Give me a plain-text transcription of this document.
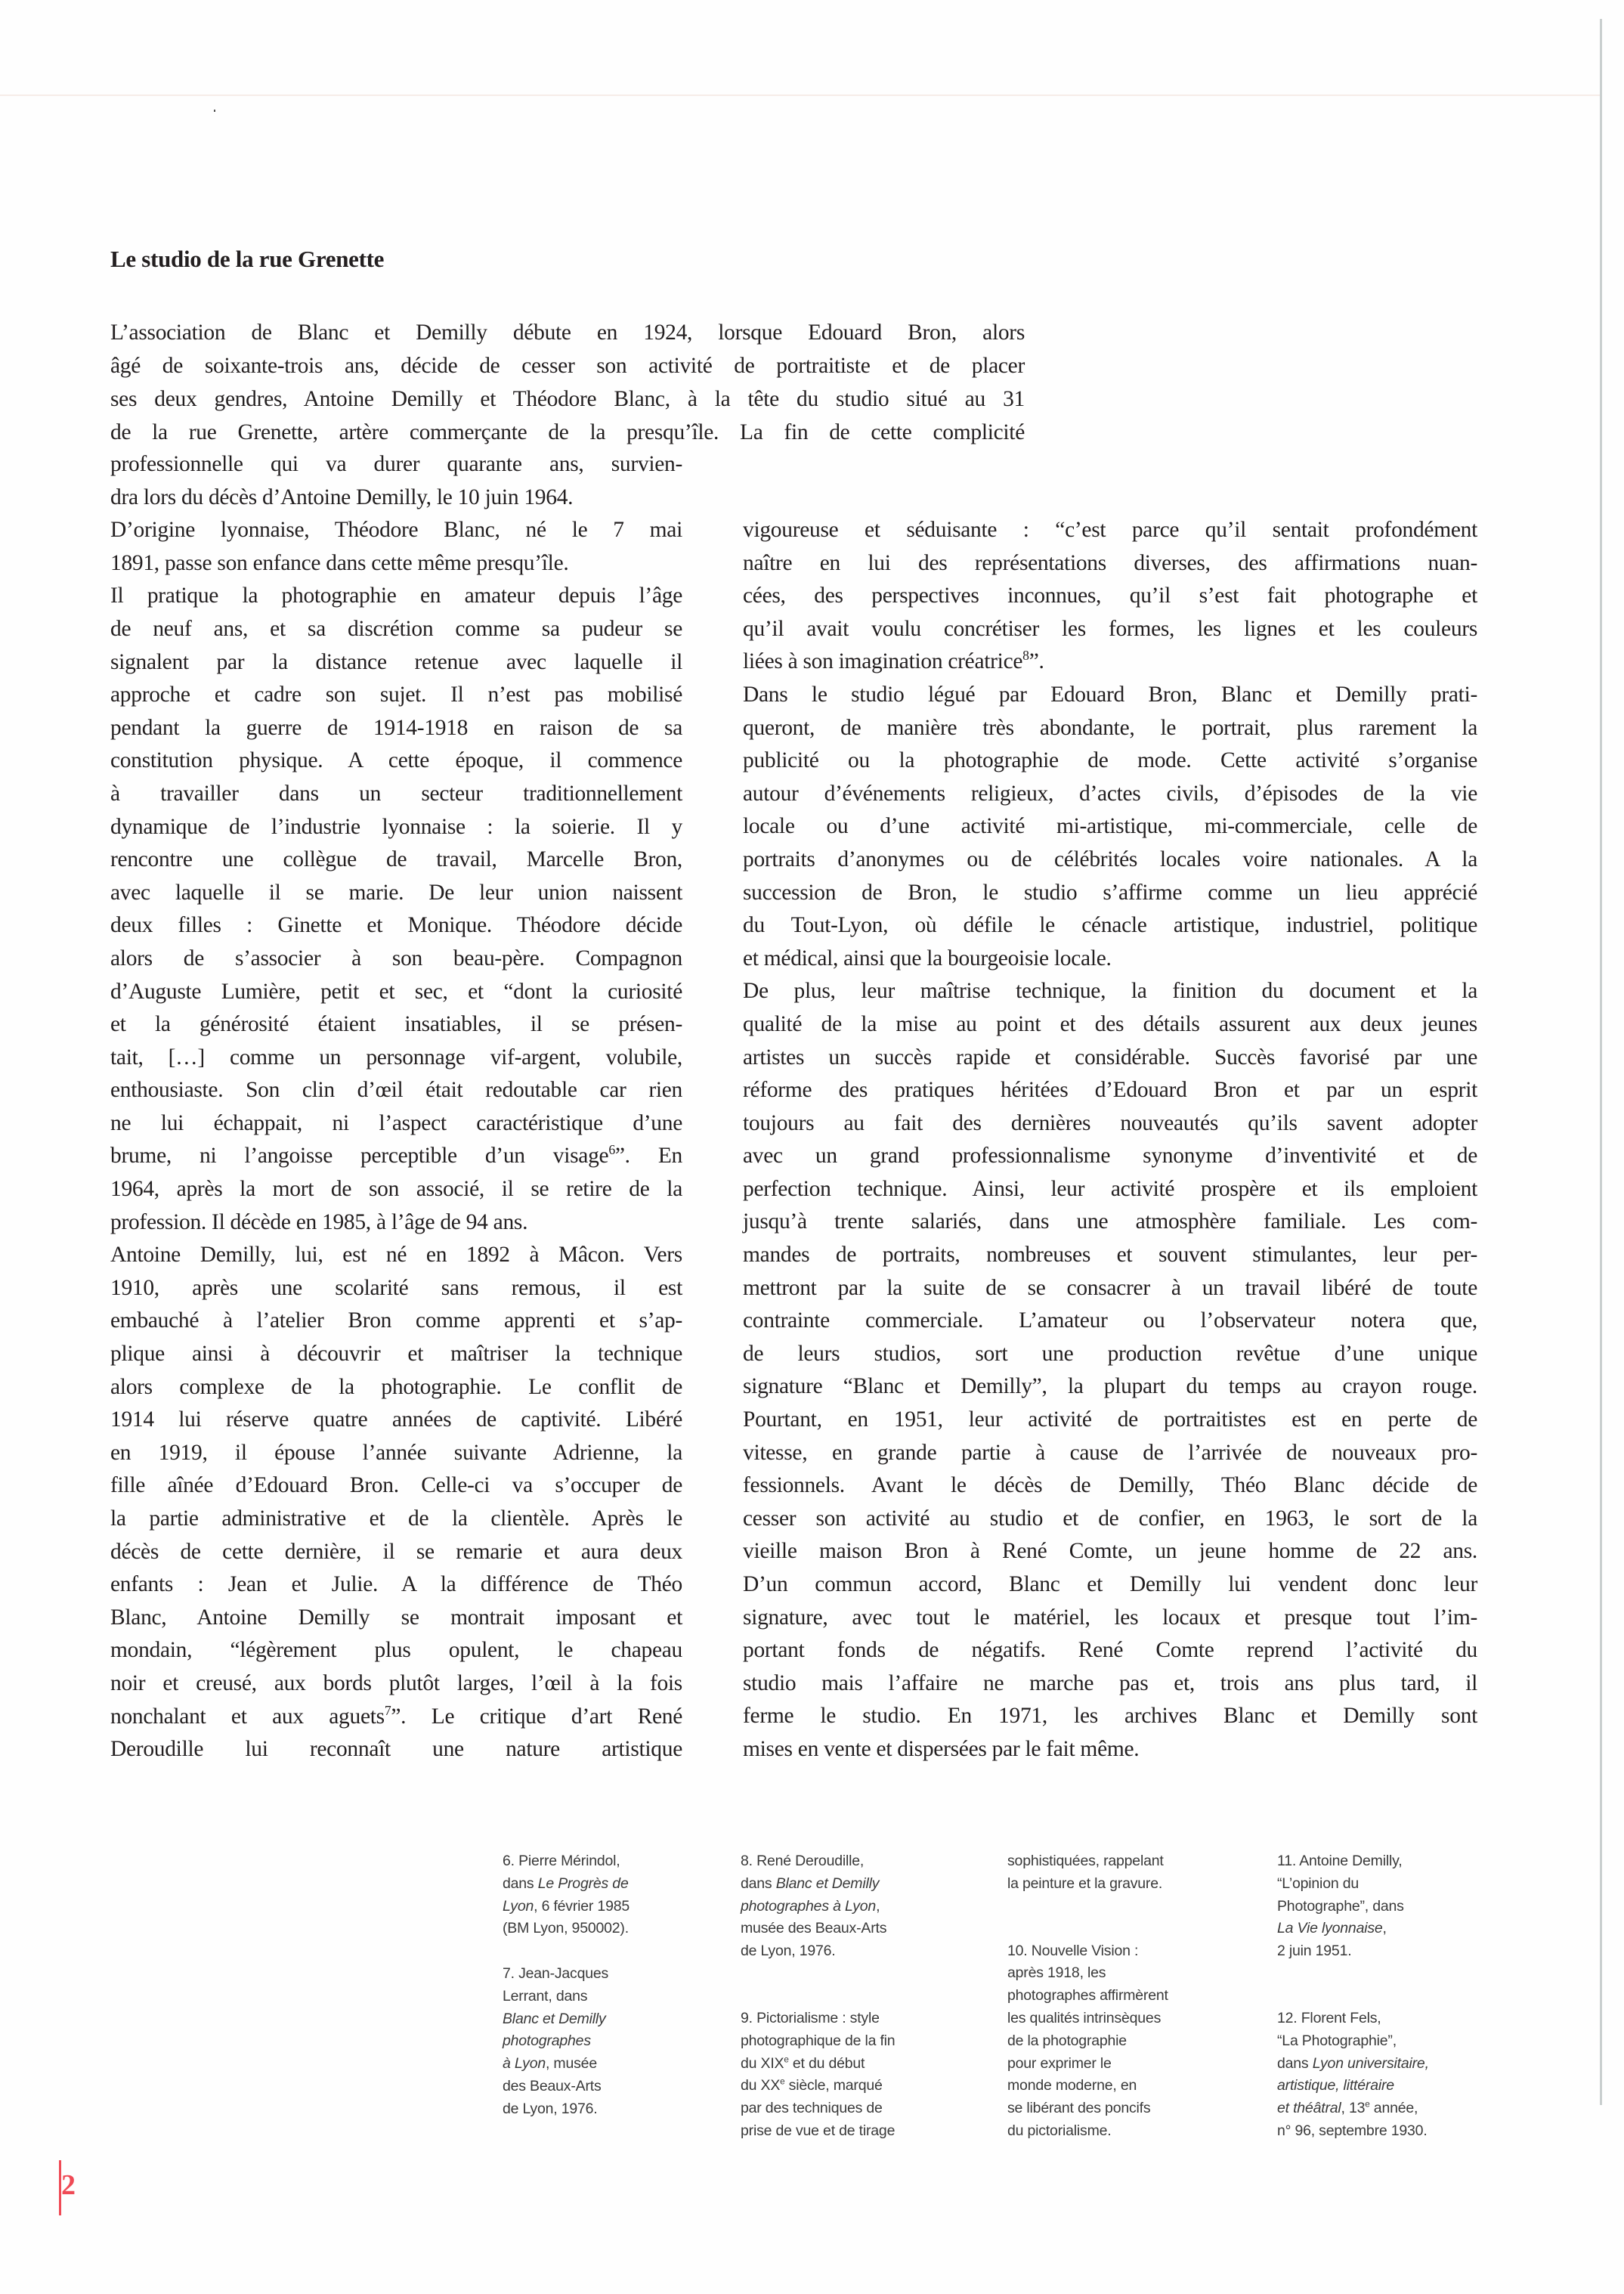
Le studio de la rue Grenette
L’association de Blanc et Demilly débute en 1924, lorsque Edouard Bron, alors
âgé de soixante-trois ans, décide de cesser son activité de portraitiste et de placer
ses deux gendres, Antoine Demilly et Théodore Blanc, à la tête du studio situé au 31
de la rue Grenette, artère commerçante de la presqu’île. La fin de cette complicité
professionnelle qui va durer quarante ans, survien-
dra lors du décès d’Antoine Demilly, le 10 juin 1964.
D’origine lyonnaise, Théodore Blanc, né le 7 mai
1891, passe son enfance dans cette même presqu’île.
Il pratique la photographie en amateur depuis l’âge
de neuf ans, et sa discrétion comme sa pudeur se
signalent par la distance retenue avec laquelle il
approche et cadre son sujet. Il n’est pas mobilisé
pendant la guerre de 1914-1918 en raison de sa
constitution physique. A cette époque, il commence
à travailler dans un secteur traditionnellement
dynamique de l’industrie lyonnaise : la soierie. Il y
rencontre une collègue de travail, Marcelle Bron,
avec laquelle il se marie. De leur union naissent
deux filles : Ginette et Monique. Théodore décide
alors de s’associer à son beau-père. Compagnon
d’Auguste Lumière, petit et sec, et “dont la curiosité
et la générosité étaient insatiables, il se présen-
tait, […] comme un personnage vif-argent, volubile,
enthousiaste. Son clin d’œil était redoutable car rien
ne lui échappait, ni l’aspect caractéristique d’une
brume, ni l’angoisse perceptible d’un visage$^6$”. En
1964, après la mort de son associé, il se retire de la
profession. Il décède en 1985, à l’âge de 94 ans.
Antoine Demilly, lui, est né en 1892 à Mâcon. Vers
1910, après une scolarité sans remous, il est
embauché à l’atelier Bron comme apprenti et s’ap-
plique ainsi à découvrir et maîtriser la technique
alors complexe de la photographie. Le conflit de
1914 lui réserve quatre années de captivité. Libéré
en 1919, il épouse l’année suivante Adrienne, la
fille aînée d’Edouard Bron. Celle-ci va s’occuper de
la partie administrative et de la clientèle. Après le
décès de cette dernière, il se remarie et aura deux
enfants : Jean et Julie. A la différence de Théo
Blanc, Antoine Demilly se montrait imposant et
mondain, “légèrement plus opulent, le chapeau
noir et creusé, aux bords plutôt larges, l’œil à la fois
nonchalant et aux aguets$^7$”. Le critique d’art René
Deroudille lui reconnaît une nature artistique
vigoureuse et séduisante : “c’est parce qu’il sentait profondément
naître en lui des représentations diverses, des affirmations nuan-
cées, des perspectives inconnues, qu’il s’est fait photographe et
qu’il avait voulu concrétiser les formes, les lignes et les couleurs
liées à son imagination créatrice$^8$”.
Dans le studio légué par Edouard Bron, Blanc et Demilly prati-
queront, de manière très abondante, le portrait, plus rarement la
publicité ou la photographie de mode. Cette activité s’organise
autour d’événements religieux, d’actes civils, d’épisodes de la vie
locale ou d’une activité mi-artistique, mi-commerciale, celle de
portraits d’anonymes ou de célébrités locales voire nationales. A la
succession de Bron, le studio s’affirme comme un lieu apprécié
du Tout-Lyon, où défile le cénacle artistique, industriel, politique
et médical, ainsi que la bourgeoisie locale.
De plus, leur maîtrise technique, la finition du document et la
qualité de la mise au point et des détails assurent aux deux jeunes
artistes un succès rapide et considérable. Succès favorisé par une
réforme des pratiques héritées d’Edouard Bron et par un esprit
toujours au fait des dernières nouveautés qu’ils savent adopter
avec un grand professionnalisme synonyme d’inventivité et de
perfection technique. Ainsi, leur activité prospère et ils emploient
jusqu’à trente salariés, dans une atmosphère familiale. Les com-
mandes de portraits, nombreuses et souvent stimulantes, leur per-
mettront par la suite de se consacrer à un travail libéré de toute
contrainte commerciale. L’amateur ou l’observateur notera que,
de leurs studios, sort une production revêtue d’une unique
signature “Blanc et Demilly”, la plupart du temps au crayon rouge.
Pourtant, en 1951, leur activité de portraitistes est en perte de
vitesse, en grande partie à cause de l’arrivée de nouveaux pro-
fessionnels. Avant le décès de Demilly, Théo Blanc décide de
cesser son activité au studio et de confier, en 1963, le sort de la
vieille maison Bron à René Comte, un jeune homme de 22 ans.
D’un commun accord, Blanc et Demilly lui vendent donc leur
signature, avec tout le matériel, les locaux et presque tout l’im-
portant fonds de négatifs. René Comte reprend l’activité du
studio mais l’affaire ne marche pas et, trois ans plus tard, il
ferme le studio. En 1971, les archives Blanc et Demilly sont
mises en vente et dispersées par le fait même.
6. Pierre Mérindol,
dans Le Progrès de
Lyon, 6 février 1985
(BM Lyon, 950002).
7. Jean-Jacques
Lerrant, dans
Blanc et Demilly
photographes
à Lyon, musée
des Beaux-Arts
de Lyon, 1976.
8. René Deroudille,
dans Blanc et Demilly
photographes à Lyon,
musée des Beaux-Arts
de Lyon, 1976.
9. Pictorialisme : style
photographique de la fin
du XIXe et du début
du XXe siècle, marqué
par des techniques de
prise de vue et de tirage
sophistiquées, rappelant
la peinture et la gravure.
10. Nouvelle Vision :
après 1918, les
photographes affirmèrent
les qualités intrinsèques
de la photographie
pour exprimer le
monde moderne, en
se libérant des poncifs
du pictorialisme.
11. Antoine Demilly,
“L’opinion du
Photographe”, dans
La Vie lyonnaise,
2 juin 1951.
12. Florent Fels,
“La Photographie”,
dans Lyon universitaire,
artistique, littéraire
et théâtral, 13e année,
n° 96, septembre 1930.
2
